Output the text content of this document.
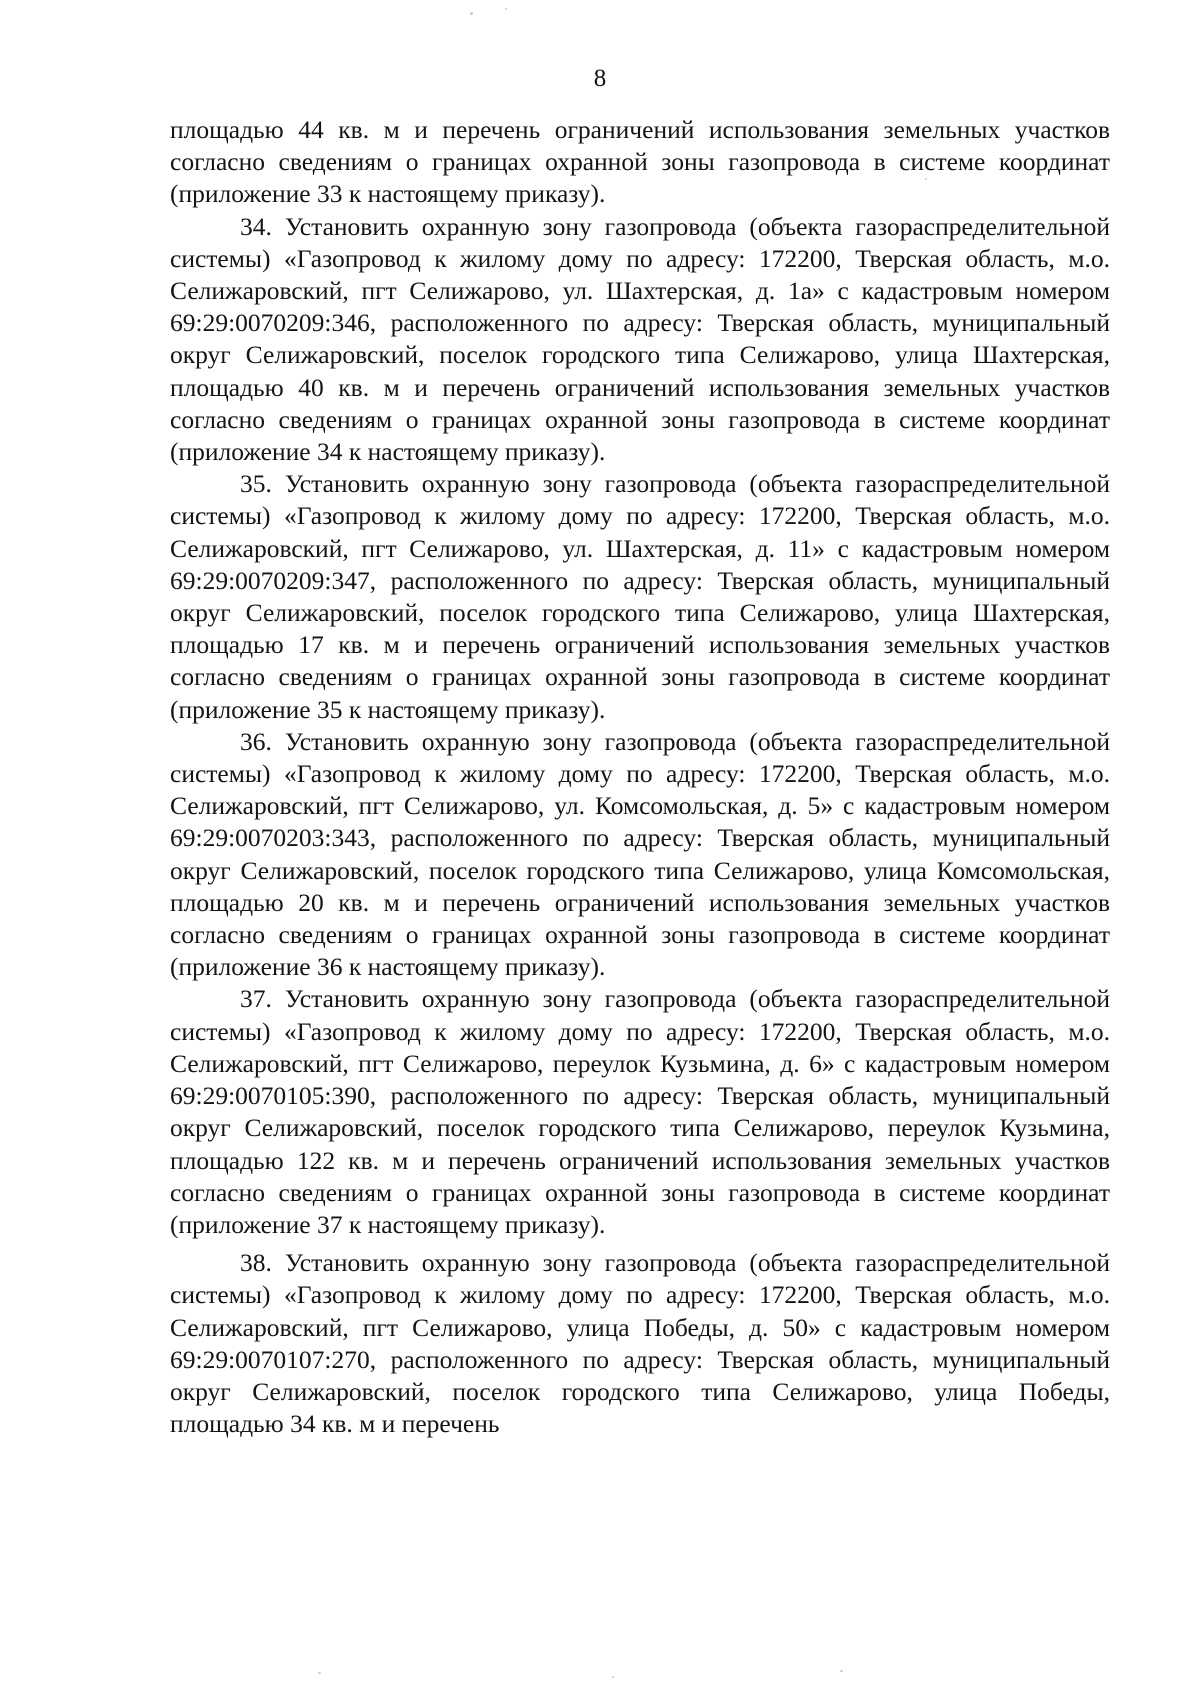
8

площадью 44 кв. м и перечень ограничений использования земельных участков согласно сведениям о границах охранной зоны газопровода в системе координат (приложение 33 к настоящему приказу).

34. Установить охранную зону газопровода (объекта газораспределительной системы) «Газопровод к жилому дому по адресу: 172200, Тверская область, м.о. Селижаровский, пгт Селижарово, ул. Шахтерская, д. 1а» с кадастровым номером 69:29:0070209:346, расположенного по адресу: Тверская область, муниципальный округ Селижаровский, поселок городского типа Селижарово, улица Шахтерская, площадью 40 кв. м и перечень ограничений использования земельных участков согласно сведениям о границах охранной зоны газопровода в системе координат (приложение 34 к настоящему приказу).

35. Установить охранную зону газопровода (объекта газораспределительной системы) «Газопровод к жилому дому по адресу: 172200, Тверская область, м.о. Селижаровский, пгт Селижарово, ул. Шахтерская, д. 11» с кадастровым номером 69:29:0070209:347, расположенного по адресу: Тверская область, муниципальный округ Селижаровский, поселок городского типа Селижарово, улица Шахтерская, площадью 17 кв. м и перечень ограничений использования земельных участков согласно сведениям о границах охранной зоны газопровода в системе координат (приложение 35 к настоящему приказу).

36. Установить охранную зону газопровода (объекта газораспределительной системы) «Газопровод к жилому дому по адресу: 172200, Тверская область, м.о. Селижаровский, пгт Селижарово, ул. Комсомольская, д. 5» с кадастровым номером 69:29:0070203:343, расположенного по адресу: Тверская область, муниципальный округ Селижаровский, поселок городского типа Селижарово, улица Комсомольская, площадью 20 кв. м и перечень ограничений использования земельных участков согласно сведениям о границах охранной зоны газопровода в системе координат (приложение 36 к настоящему приказу).

37. Установить охранную зону газопровода (объекта газораспределительной системы) «Газопровод к жилому дому по адресу: 172200, Тверская область, м.о. Селижаровский, пгт Селижарово, переулок Кузьмина, д. 6» с кадастровым номером 69:29:0070105:390, расположенного по адресу: Тверская область, муниципальный округ Селижаровский, поселок городского типа Селижарово, переулок Кузьмина, площадью 122 кв. м и перечень ограничений использования земельных участков согласно сведениям о границах охранной зоны газопровода в системе координат (приложение 37 к настоящему приказу).

38. Установить охранную зону газопровода (объекта газораспределительной системы) «Газопровод к жилому дому по адресу: 172200, Тверская область, м.о. Селижаровский, пгт Селижарово, улица Победы, д. 50» с кадастровым номером 69:29:0070107:270, расположенного по адресу: Тверская область, муниципальный округ Селижаровский, поселок городского типа Селижарово, улица Победы, площадью 34 кв. м и перечень
